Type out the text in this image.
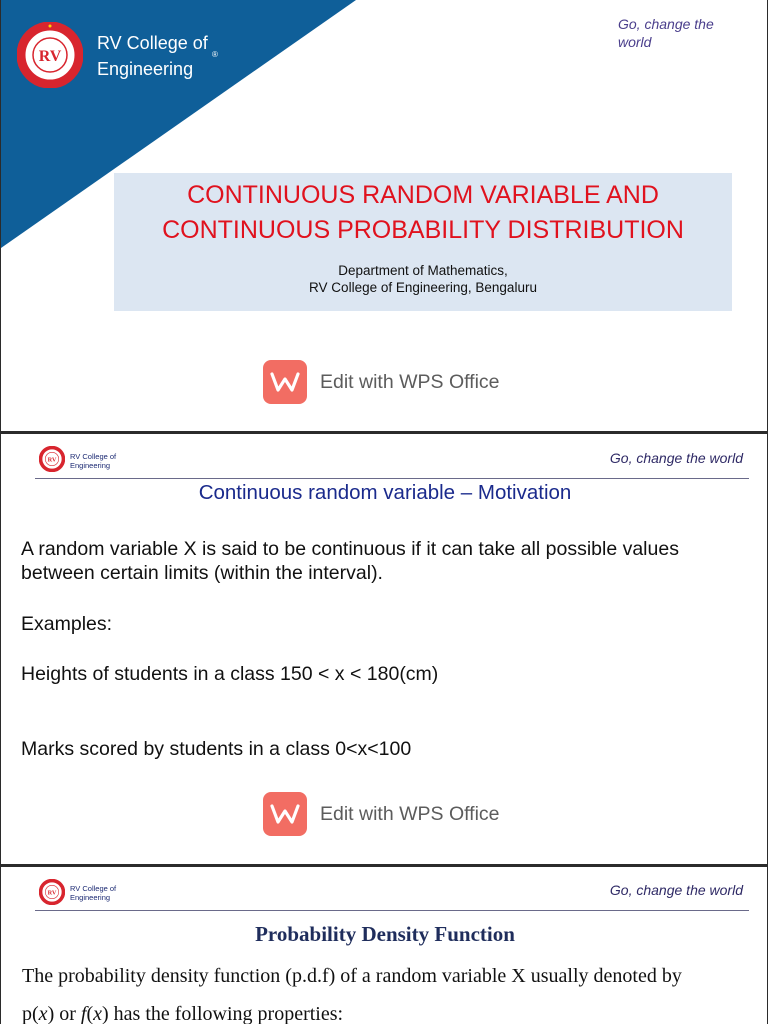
RV
RV College of
Engineering
®
Go, change the world
CONTINUOUS RANDOM VARIABLE AND
CONTINUOUS PROBABILITY DISTRIBUTION
Department of Mathematics,
RV College of Engineering, Bengaluru
Edit with WPS Office
RV RV College of
Engineering	Go, change the world
Continuous random variable – Motivation
A random variable X is said to be continuous if it can take all possible values
between certain limits (within the interval).
Examples:
Heights of students in a class 150 < x < 180(cm)
Marks scored by students in a class 0<x<100
Edit with WPS Office
RV RV College of
Engineering	Go, change the world
Probability Density Function
The probability density function (p.d.f) of a random variable X usually denoted by
p(x) or f(x) has the following properties:
